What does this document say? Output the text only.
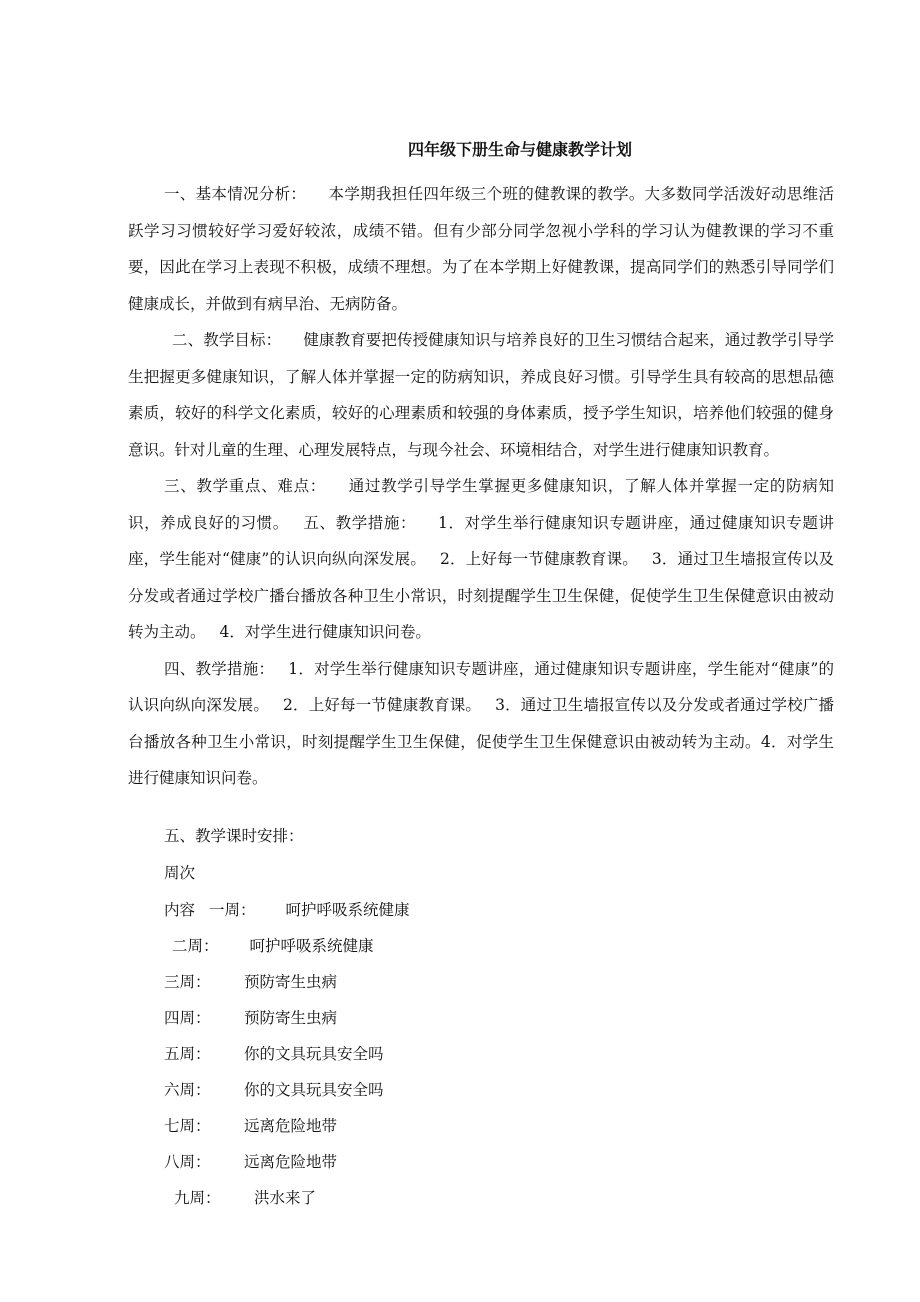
四年级下册生命与健康教学计划

一、基本情况分析： 本学期我担任四年级三个班的健教课的教学。大多数同学活泼好动思维活跃学习习惯较好学习爱好较浓，成绩不错。但有少部分同学忽视小学科的学习认为健教课的学习不重要，因此在学习上表现不积极，成绩不理想。为了在本学期上好健教课，提高同学们的熟悉引导同学们健康成长，并做到有病早治、无病防备。

二、教学目标： 健康教育要把传授健康知识与培养良好的卫生习惯结合起来，通过教学引导学生把握更多健康知识，了解人体并掌握一定的防病知识，养成良好习惯。引导学生具有较高的思想品德素质，较好的科学文化素质，较好的心理素质和较强的身体素质，授予学生知识，培养他们较强的健身意识。针对儿童的生理、心理发展特点，与现今社会、环境相结合，对学生进行健康知识教育。

三、教学重点、难点： 通过教学引导学生掌握更多健康知识，了解人体并掌握一定的防病知识，养成良好的习惯。 五、教学措施： 1．对学生举行健康知识专题讲座，通过健康知识专题讲座，学生能对“健康”的认识向纵向深发展。 2．上好每一节健康教育课。 3．通过卫生墙报宣传以及分发或者通过学校广播台播放各种卫生小常识，时刻提醒学生卫生保健，促使学生卫生保健意识由被动转为主动。 4．对学生进行健康知识问卷。

四、教学措施： 1．对学生举行健康知识专题讲座，通过健康知识专题讲座，学生能对“健康”的认识向纵向深发展。 2．上好每一节健康教育课。 3．通过卫生墙报宣传以及分发或者通过学校广播台播放各种卫生小常识，时刻提醒学生卫生保健，促使学生卫生保健意识由被动转为主动。4．对学生进行健康知识问卷。

五、教学课时安排：
周次
内容 一周： 呵护呼吸系统健康
二周： 呵护呼吸系统健康
三周： 预防寄生虫病
四周： 预防寄生虫病
五周： 你的文具玩具安全吗
六周： 你的文具玩具安全吗
七周： 远离危险地带
八周： 远离危险地带
九周： 洪水来了
